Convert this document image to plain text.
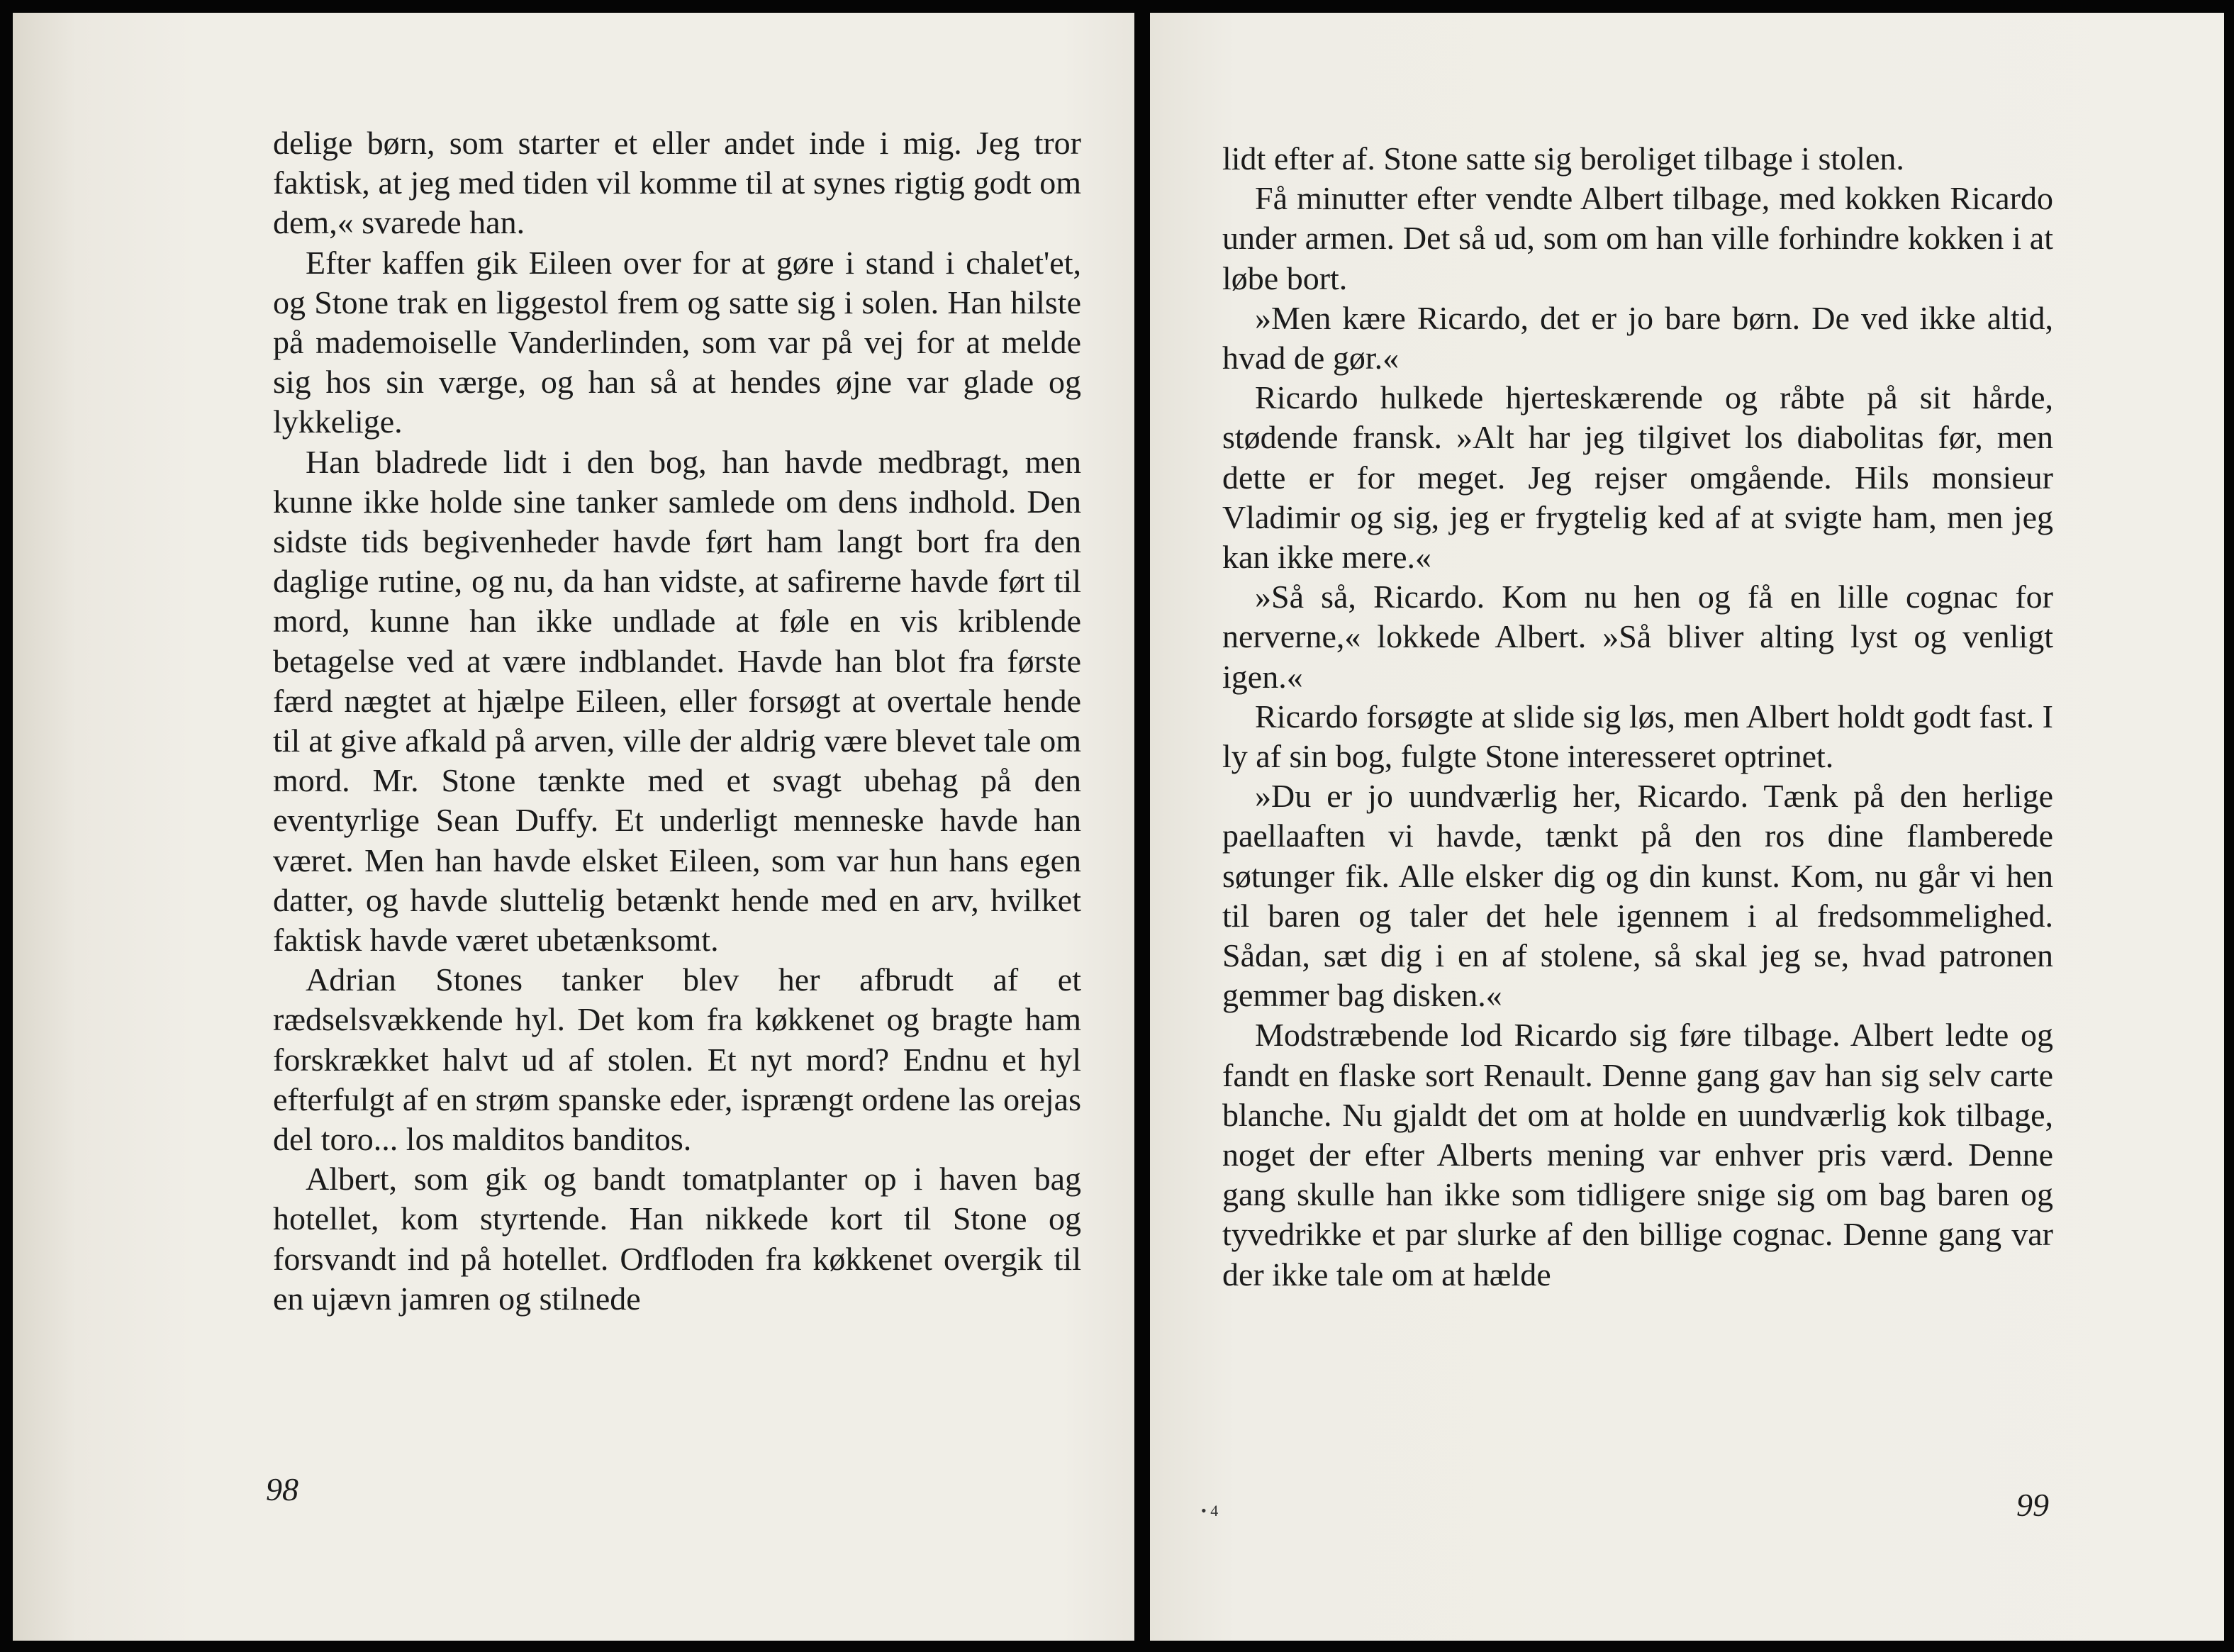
delige børn, som starter et eller andet inde i mig. Jeg tror faktisk, at jeg med tiden vil komme til at synes rigtig godt om dem,« svarede han.

Efter kaffen gik Eileen over for at gøre i stand i chalet'et, og Stone trak en liggestol frem og satte sig i solen. Han hilste på mademoiselle Vanderlinden, som var på vej for at melde sig hos sin værge, og han så at hendes øjne var glade og lykkelige.

Han bladrede lidt i den bog, han havde medbragt, men kunne ikke holde sine tanker samlede om dens indhold. Den sidste tids begivenheder havde ført ham langt bort fra den daglige rutine, og nu, da han vidste, at safirerne havde ført til mord, kunne han ikke undlade at føle en vis kriblende betagelse ved at være indblandet. Havde han blot fra første færd nægtet at hjælpe Eileen, eller forsøgt at overtale hende til at give afkald på arven, ville der aldrig være blevet tale om mord. Mr. Stone tænkte med et svagt ubehag på den eventyrlige Sean Duffy. Et underligt menneske havde han været. Men han havde elsket Eileen, som var hun hans egen datter, og havde sluttelig betænkt hende med en arv, hvilket faktisk havde været ubetænksomt.

Adrian Stones tanker blev her afbrudt af et rædselsvækkende hyl. Det kom fra køkkenet og bragte ham forskrækket halvt ud af stolen. Et nyt mord? Endnu et hyl efterfulgt af en strøm spanske eder, isprængt ordene las orejas del toro... los malditos banditos.

Albert, som gik og bandt tomatplanter op i haven bag hotellet, kom styrtende. Han nikkede kort til Stone og forsvandt ind på hotellet. Ordfloden fra køkkenet overgik til en ujævn jamren og stilnede

98

lidt efter af. Stone satte sig beroliget tilbage i stolen.

Få minutter efter vendte Albert tilbage, med kokken Ricardo under armen. Det så ud, som om han ville forhindre kokken i at løbe bort.

»Men kære Ricardo, det er jo bare børn. De ved ikke altid, hvad de gør.«

Ricardo hulkede hjerteskærende og råbte på sit hårde, stødende fransk. »Alt har jeg tilgivet los diabolitas før, men dette er for meget. Jeg rejser omgående. Hils monsieur Vladimir og sig, jeg er frygtelig ked af at svigte ham, men jeg kan ikke mere.«

»Så så, Ricardo. Kom nu hen og få en lille cognac for nerverne,« lokkede Albert. »Så bliver alting lyst og venligt igen.«

Ricardo forsøgte at slide sig løs, men Albert holdt godt fast. I ly af sin bog, fulgte Stone interesseret optrinet.

»Du er jo uundværlig her, Ricardo. Tænk på den herlige paellaaften vi havde, tænkt på den ros dine flamberede søtunger fik. Alle elsker dig og din kunst. Kom, nu går vi hen til baren og taler det hele igennem i al fredsommelighed. Sådan, sæt dig i en af stolene, så skal jeg se, hvad patronen gemmer bag disken.«

Modstræbende lod Ricardo sig føre tilbage. Albert ledte og fandt en flaske sort Renault. Denne gang gav han sig selv carte blanche. Nu gjaldt det om at holde en uundværlig kok tilbage, noget der efter Alberts mening var enhver pris værd. Denne gang skulle han ikke som tidligere snige sig om bag baren og tyvedrikke et par slurke af den billige cognac. Denne gang var der ikke tale om at hælde

• 4	99
